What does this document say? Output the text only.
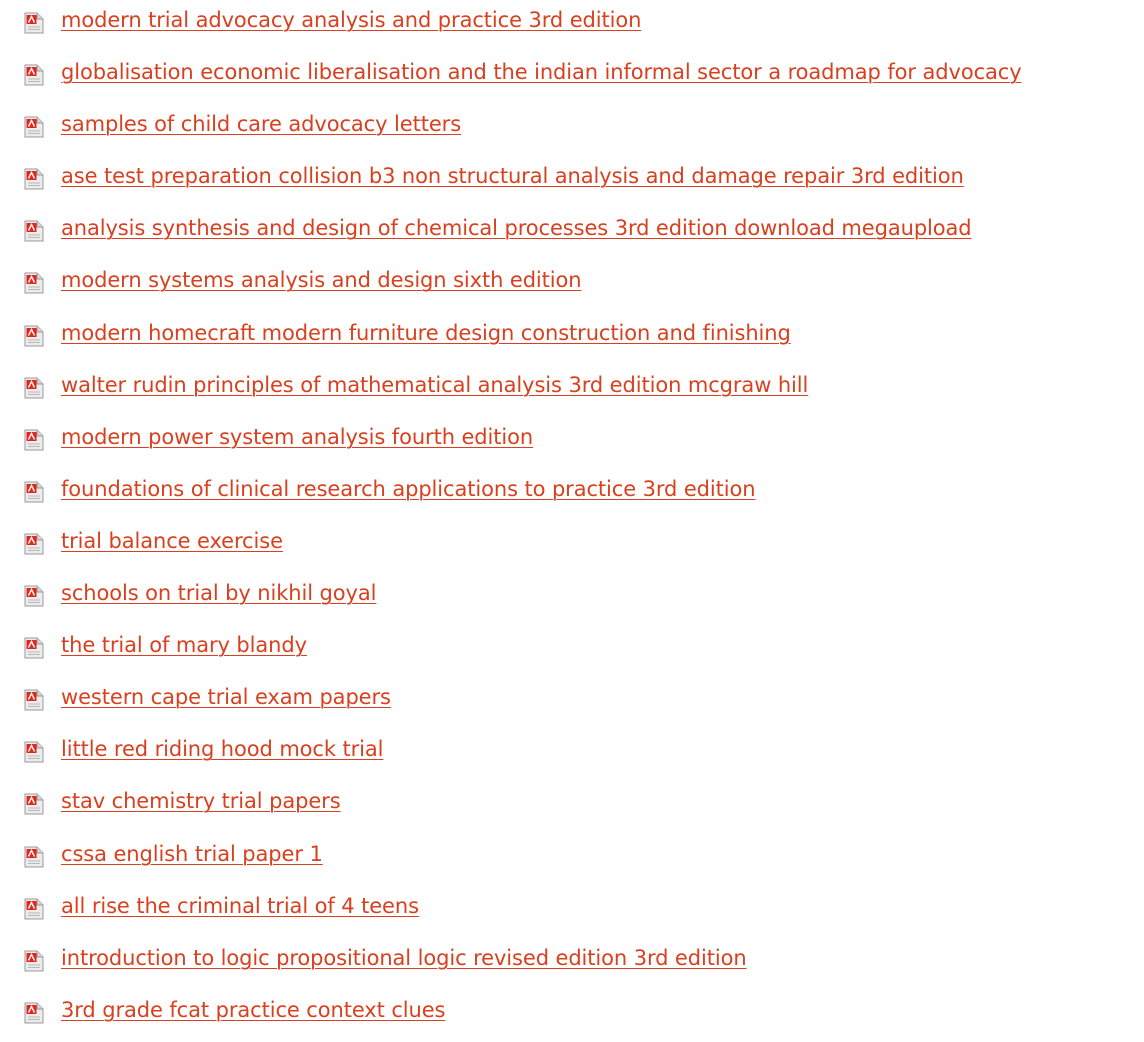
modern trial advocacy analysis and practice 3rd edition
globalisation economic liberalisation and the indian informal sector a roadmap for advocacy
samples of child care advocacy letters
ase test preparation collision b3 non structural analysis and damage repair 3rd edition
analysis synthesis and design of chemical processes 3rd edition download megaupload
modern systems analysis and design sixth edition
modern homecraft modern furniture design construction and finishing
walter rudin principles of mathematical analysis 3rd edition mcgraw hill
modern power system analysis fourth edition
foundations of clinical research applications to practice 3rd edition
trial balance exercise
schools on trial by nikhil goyal
the trial of mary blandy
western cape trial exam papers
little red riding hood mock trial
stav chemistry trial papers
cssa english trial paper 1
all rise the criminal trial of 4 teens
introduction to logic propositional logic revised edition 3rd edition
3rd grade fcat practice context clues
